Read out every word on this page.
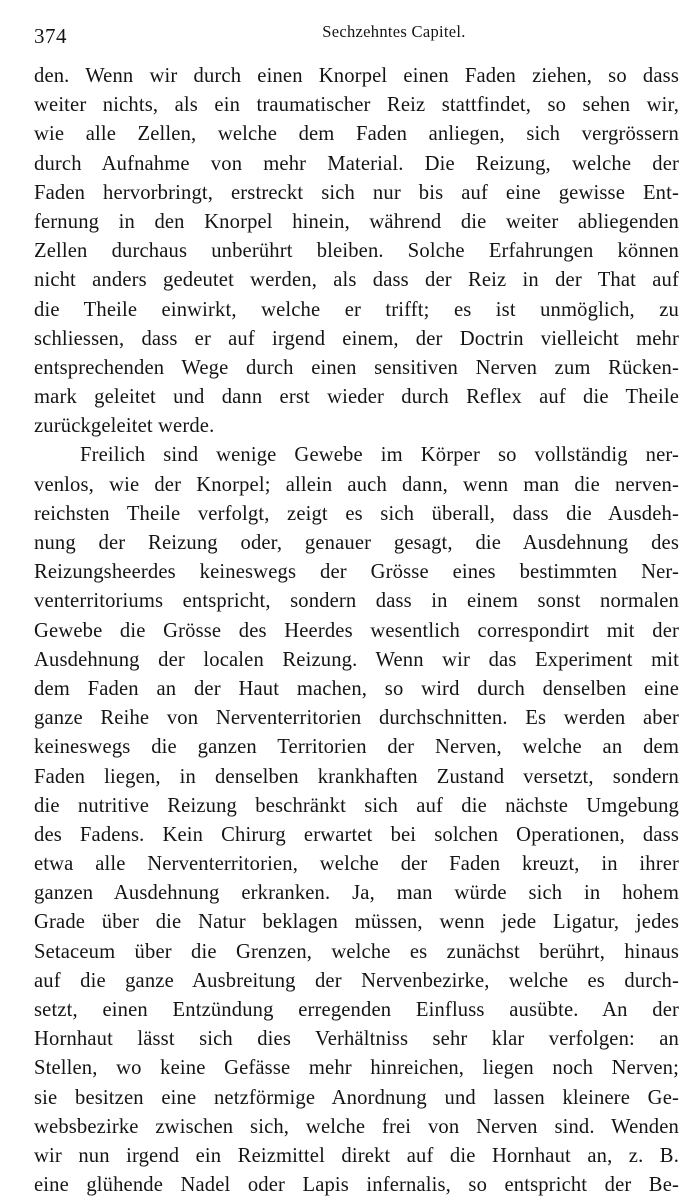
374	Sechzehntes Capitel.
den. Wenn wir durch einen Knorpel einen Faden ziehen, so dass
weiter nichts, als ein traumatischer Reiz stattfindet, so sehen wir,
wie alle Zellen, welche dem Faden anliegen, sich vergrössern
durch Aufnahme von mehr Material. Die Reizung, welche der
Faden hervorbringt, erstreckt sich nur bis auf eine gewisse Ent-
fernung in den Knorpel hinein, während die weiter abliegenden
Zellen durchaus unberührt bleiben. Solche Erfahrungen können
nicht anders gedeutet werden, als dass der Reiz in der That auf
die Theile einwirkt, welche er trifft; es ist unmöglich, zu
schliessen, dass er auf irgend einem, der Doctrin vielleicht mehr
entsprechenden Wege durch einen sensitiven Nerven zum Rücken-
mark geleitet und dann erst wieder durch Reflex auf die Theile
zurückgeleitet werde.
Freilich sind wenige Gewebe im Körper so vollständig ner-
venlos, wie der Knorpel; allein auch dann, wenn man die nerven-
reichsten Theile verfolgt, zeigt es sich überall, dass die Ausdeh-
nung der Reizung oder, genauer gesagt, die Ausdehnung des
Reizungsheerdes keineswegs der Grösse eines bestimmten Ner-
venterritoriums entspricht, sondern dass in einem sonst normalen
Gewebe die Grösse des Heerdes wesentlich correspondirt mit der
Ausdehnung der localen Reizung. Wenn wir das Experiment mit
dem Faden an der Haut machen, so wird durch denselben eine
ganze Reihe von Nerventerritorien durchschnitten. Es werden aber
keineswegs die ganzen Territorien der Nerven, welche an dem
Faden liegen, in denselben krankhaften Zustand versetzt, sondern
die nutritive Reizung beschränkt sich auf die nächste Umgebung
des Fadens. Kein Chirurg erwartet bei solchen Operationen, dass
etwa alle Nerventerritorien, welche der Faden kreuzt, in ihrer
ganzen Ausdehnung erkranken. Ja, man würde sich in hohem
Grade über die Natur beklagen müssen, wenn jede Ligatur, jedes
Setaceum über die Grenzen, welche es zunächst berührt, hinaus
auf die ganze Ausbreitung der Nervenbezirke, welche es durch-
setzt, einen Entzündung erregenden Einfluss ausübte. An der
Hornhaut lässt sich dies Verhältniss sehr klar verfolgen: an
Stellen, wo keine Gefässe mehr hinreichen, liegen noch Nerven;
sie besitzen eine netzförmige Anordnung und lassen kleinere Ge-
websbezirke zwischen sich, welche frei von Nerven sind. Wenden
wir nun irgend ein Reizmittel direkt auf die Hornhaut an, z. B.
eine glühende Nadel oder Lapis infernalis, so entspricht der Be-
